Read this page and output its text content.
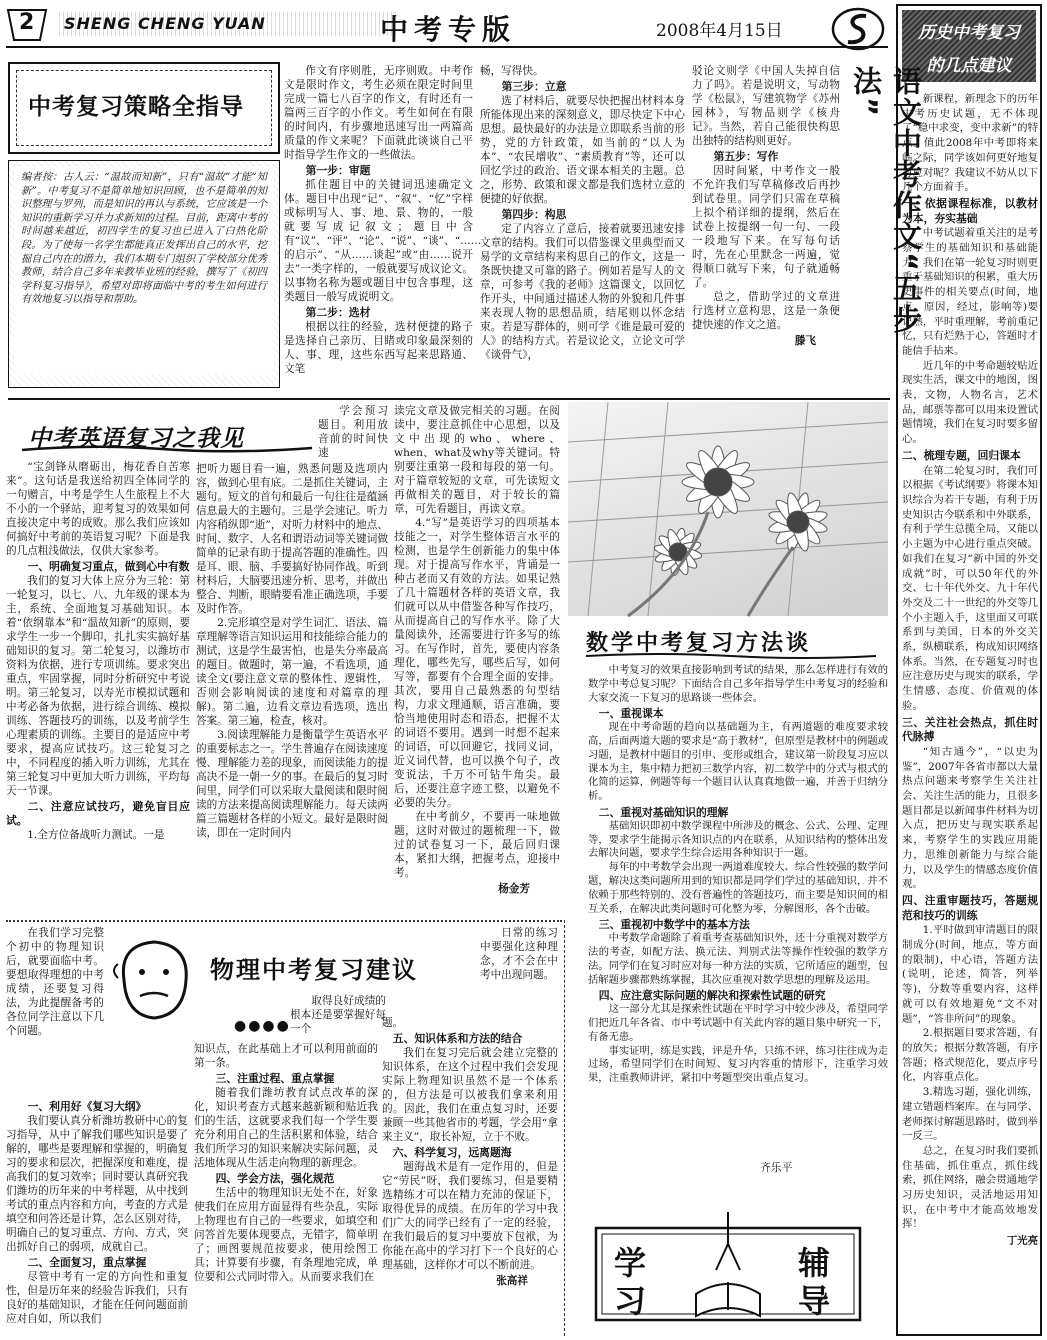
2 SHENG CHENG YUAN	中考专版	2008年4月15日	历史中考复习
的几点建议

新课程，新理念下的历年中考历史试题，无不体现了“稳中求变，变中求新”的特点。值此2008年中考即将来临之际，同学该如何更好地复习应对呢？我建议不妨从以下几个方面着手。

一、依据课程标准，以教材为本，夯实基础

中考试题着重关注的是考察学生的基础知识和基础能力，我们在第一轮复习时则更重于基础知识的积累，重大历史事件的相关要点(时间，地点，原因，经过，影响等)要记熟，平时重理解，考前重记忆，只有烂熟于心，答题时才能信手拈来。

近几年的中考命题较贴近现实生活，课文中的地图，图表，文物，人物名言，艺术品，邮票等都可以用来设置试题情境，我们在复习时要多留心。

二、梳理专题，回归课本

在第二轮复习时，我们可以根据《考试纲要》将课本知识综合为若干专题，有利于历史知识古今联系和中外联系，有利于学生总揽全局，又能以小主题为中心进行重点突破。如我们在复习“新中国的外交成就”时，可以50年代的外交、七十年代外交、九十年代外交及二十一世纪的外交等几个小主题入手，这里面又可联系到与美国，日本的外交关系，纵横联系，构成知识网络体系。当然，在专题复习时也应注意历史与现实的联系，学生情感、态度、价值观的体验。

三、关注社会热点，抓住时代脉搏

“知古通今”，“以史为鉴”，2007年各省市都以大量热点问题来考察学生关注社会、关注生活的能力，且很多题目都是以新闻事件材料为切入点，把历史与现实联系起来，考察学生的实践应用能力，思维创新能力与综合能力，以及学生的情感态度价值观。

四、注重审题技巧，答题规范和技巧的训练

1.平时做到审清题目的限制成分(时间，地点，等方面的限制)，中心语，答题方法(说明，论述，简答，列举等)，分数等重要内容，这样就可以有效地避免“文不对题”，“答非所问”的现象。

2.根据题目要求答题，有的放矢；根据分数答题，有序答题；格式规范化，要点序号化，内容重点化。

3.精选习题，强化训练，建立错题档案库。在与同学、老师探讨解题思路时，做到举一反三。

总之，在复习时我们要抓住基础，抓住重点，抓住线索，抓住网络，融会贯通地学习历史知识，灵活地运用知识，在中考中才能高效地发挥！

丁光亮
中考复习策略全指导
编者按：古人云：“温故而知新”，只有“温故”才能“知新”。中考复习不是简单地知识回顾，也不是简单的知识整理与罗列，而是知识的再认与系统，它应该是一个知识的重新学习并力求新知的过程。目前，距离中考的时间越来越近，初四学生的复习也已进入了白热化阶段。为了使每一名学生都能真正发挥出自己的水平，挖掘自己内在的潜力，我们本期专门组织了学校部分优秀教师，结合自己多年来教毕业班的经验，撰写了《初四学科复习指导》，希望对即将面临中考的考生如何进行有效地复习以指导和帮助。

作文有序则胜，无序则败。中考作文是限时作文，考生必须在限定时间里完成一篇七八百字的作文，有时还有一篇两三百字的小作文。考生如何在有限的时间内，有步骤地迅速写出一两篇高质量的作文来呢？下面就此谈谈自己平时指导学生作文的一些做法。

第一步：审题

抓住题目中的关键词迅速确定文体。题目中出现“记”、“叙”、“忆”字样或标明写人、事、地、景、物的，一般就要写成记叙文；题目中含有“议”、“评”、“论”、“说”、“谈”、“……的启示”、“从……谈起”或“由……说开去”一类字样的，一般就要写成议论文。以事物名称为题或题目中包含事理，这类题目一般写成说明文。

第二步：选材

根据以往的经验，选材便捷的路子是选择自己亲历、目睹或印象最深刻的人、事、理，这些东西写起来思路通、文笔

畅，写得快。

第三步：立意

选了材料后，就要尽快把握出材料本身所能体现出来的深刻意义，即尽快定下中心思想。最快最好的办法是立即联系当前的形势，党的方针政策，如当前的“以人为本”、“农民增收”、“素质教育”等，还可以回忆学过的政治、语文课本相关的主题。总之，形势、政策和课文都是我们选材立意的便捷的好依据。

第四步：构思

定了内容立了意后，接着就要迅速安排文章的结构。我们可以借鉴课文里典型而又易学的文章结构来构思自己的作文，这是一条既快捷又可靠的路子。例如若是写人的文章，可参考《我的老师》这篇课文，以回忆作开头，中间通过描述人物的外貌和几件事来表现人物的思想品质，结尾则以怀念结束。若是写群体的，则可学《谁是最可爱的人》的结构方式。若是议论文，立论文可学《谈骨气》，

驳论文则学《中国人失掉自信力了吗》。若是说明文，写动物学《松鼠》，写建筑物学《苏州园林》，写物品则学《核舟记》。当然，若自己能很快构思出独特的结构则更好。

第五步：写作

因时间紧，中考作文一般不允许我们写草稿修改后再抄到试卷里。同学们只需在草稿上拟个稍详细的提纲，然后在试卷上按提纲一句一句、一段一段地写下来。在写每句话时，先在心里默念一两遍，觉得顺口就写下来，句子就通畅了。

总之，借助学过的文章进行选材立意构思，这是一条便捷快速的作文之道。

滕飞
语文中考作文“五步法”
中考英语复习之我见

“宝剑锋从磨砺出，梅花香自苦寒来”。这句话是我送给初四全体同学的一句赠言，中考是学生人生旅程上不大不小的一个驿站，迎考复习的效果如何直接决定中考的成败。那么我们应该如何搞好中考前的英语复习呢？下面是我的几点粗浅做法，仅供大家参考。

一、明确复习重点，做到心中有数

我们的复习大体上应分为三轮：第一轮复习，以七、八、九年级的课本为主，系统、全面地复习基础知识。本着“依纲靠本”和“温故知新”的原则，要求学生一步一个脚印，扎扎实实搞好基础知识的复习。第二轮复习，以潍坊市资料为依据，进行专项训练。要求突出重点，牢固掌握，同时分析研究中考说明。第三轮复习，以寿光市模拟试题和中考必备为依据，进行综合训练、模拟训练、答题技巧的训练，以及考前学生心理素质的训练。主要目的是适应中考要求，提高应试技巧。这三轮复习之中，不同程度的插入听力训练，尤其在第三轮复习中更加大听力训练，平均每天一节课。

二、注意应试技巧，避免盲目应试。

1.全方位备战听力测试。一是

学会预习题目。利用放音前的时间快速

把听力题目看一遍，熟悉问题及选项内容，做到心里有底。二是抓住关键词，主题句。短文的首句和最后一句往往是蕴涵信息最大的主题句。三是学会速记。听力内容稍纵即“逝”，对听力材料中的地点、时间、数字、人名和谓语动词等关键词做简单的记录有助于提高答题的准确性。四是耳、眼、脑、手要搞好协同作战。听到材料后，大脑要迅速分析、思考，并做出整合、判断，眼睛要看准正确选项，手要及时作答。

2.完形填空是对学生词汇、语法、篇章理解等语言知识运用和技能综合能力的测试，这是学生最害怕，也是失分率最高的题目。做题时，第一遍，不看选项，通读全文(要注意文章的整体性、逻辑性，否则会影响阅读的速度和对篇章的理解)。第二遍，边看文章边看选项，选出答案。第三遍，检查，核对。

3.阅读理解能力是衡量学生英语水平的重要标志之一。学生普遍存在阅读速度慢、理解能力差的现象，而阅读能力的提高决不是一朝一夕的事。在最后的复习时间里，同学们可以采取大量阅读和限时阅读的方法来提高阅读理解能力。每天读两篇三篇题材各样的小短文。最好是限时阅读，即在一定时间内

读完文章及做完相关的习题。在阅读中，要注意抓住中心思想，以及文中出现的who、where、when、what及why等关键词。特别要注重第一段和每段的第一句。对于篇章较短的文章，可先读短文再做相关的题目，对于较长的篇章，可先看题目，再读文章。

4.“写”是英语学习的四项基本技能之一，对学生整体语言水平的检测，也是学生创新能力的集中体现。对于提高写作水平，背诵是一种古老而又有效的方法。如果记熟了几十篇题材各样的英语文章，我们就可以从中借鉴各种写作技巧，从而提高自己的写作水平。除了大量阅读外，还需要进行许多写的练习。在写作时，首先，要使内容条理化，哪些先写，哪些后写，如何写等，都要有个合理全面的安排。其次，要用自己最熟悉的句型结构，力求文理通顺，语言准确，要恰当地使用时态和语态，把握不太的词语不要用。遇到一时想不起来的词语，可以回避它，找同义词，近义词代替，也可以换个句子，改变说法，千万不可钻牛角尖。最后，还要注意字迹工整，以避免不必要的失分。

在中考前夕，不要再一味地做题，这时对做过的题梳理一下，做过的试卷复习一下，最后回归课本，紧扣大纲，把握考点，迎接中考。

杨金芳
数学中考复习方法谈

中考复习的效果直接影响到考试的结果，那么怎样进行有效的数学中考总复习呢？下面结合自己多年指导学生中考复习的经验和大家交流一下复习的思路谈一些体会。

一、重视课本

现在中考命题的趋向以基础题为主，有两道题的难度要求较高，后面两道大题的要求是“高于教材”，但原型是教材中的例题或习题，是教材中题目的引申、变形或组合，建议第一阶段复习应以课本为主，集中精力把初三数学内容，初二数学中的分式与根式的化简的运算，例题等每一个题目认认真真地做一遍，并善于归纳分析。

二、重视对基础知识的理解

基础知识即初中数学课程中所涉及的概念、公式、公理、定理等，要求学生能揭示各知识点的内在联系，从知识结构的整体出发去解决问题，要求学生综合运用各种知识于一题。

每年的中考数学会出现一两道难度较大、综合性较强的数学问题，解决这类问题所用到的知识都是同学们学过的基础知识，并不依赖于那些特别的、没有普遍性的答题技巧，而主要是知识间的相互关系，在解决此类问题时可化整为零，分解图形，各个击破。

三、重视初中数学中的基本方法

中考数学命题除了着重考查基础知识外，还十分重视对数学方法的考查，如配方法、换元法、判别式法等操作性较强的数学方法。同学们在复习时应对每一种方法的实质，它所适应的题型，包括解题步骤都熟练掌握，其次应重视对数学思想的理解及运用。

四、应注意实际问题的解决和探索性试题的研究

这一部分尤其是探索性试题在平时学习中较少涉及，希望同学们把近几年各省、市中考试题中有关此内容的题目集中研究一下，有备无患。

事实证明，练是实践，评是升华，只练不评，练习往往成为走过场，希望同学们在时间短、复习内容重的情形下，注重学习效果，注重教师讲评，紧扣中考题型突出重点复习。

齐乐平

在我们学习完整个初中的物理知识后，就要面临中考。要想取得理想的中考成绩，还要复习得法，为此提醒备考的各位同学注意以下几个问题。

物理中考复习建议

日常的练习中要强化这种理念，才不会在中考中出现问题。

●●●●

取得良好成绩的根本还是要掌握好每一个

一、利用好《复习大纲》

我们要认真分析潍坊教研中心的复习指导，从中了解我们哪些知识是要了解的，哪些是要理解和掌握的，明确复习的要求和层次，把握深度和难度，提高我们的复习效率；同时要认真研究我们潍坊的历年来的中考样题，从中找到考试的重点内容和方向，考查的方式是填空和问答还是计算，怎么区别对待，明确自己的复习重点、方向、方式，突出抓好自己的弱项，成就自己。

二、全面复习，重点掌握

尽管中考有一定的方向性和重复性，但是历年来的经验告诉我们，只有良好的基础知识，才能在任何问题面前应对自如，所以我们

知识点，在此基础上才可以利用前面的第一条。

三、注重过程、重点掌握

随着我们潍坊教育试点改革的深化，知识考查方式越来越新颖和贴近我们的生活，这就要求我们每一个学生要充分利用自己的生活积累和体验，结合我们所学习的知识来解决实际问题，灵活地体现从生活走向物理的新理念。

四、学会方法，强化规范

生活中的物理知识无处不在，好象使我们在应用方面显得有些杂乱，实际上物理也有自己的一些要求，如填空和问答首先要体现要点，无错字，简单明了；画图要规范按要求，使用绘图工具；计算要有步骤，有条理地完成，单位要和公式同时带入。从而要求我们在

题。

五、知识体系和方法的结合

我们在复习完后就会建立完整的知识体系，在这个过程中我们会发现实际上物理知识虽然不是一个体系的，但方法是可以被我们拿来利用的。因此，我们在重点复习时，还要兼顾一些其他省市的考题，学会用“拿来主义”，取长补短，立于不败。

六、科学复习，远离题海

题海战术是有一定作用的，但是它“劳民”呀，我们要练习，但是要精选精练才可以在精力充沛的保证下，取得优异的成绩。在历年的学习中我们广大的同学已经有了一定的经验，在我们最后的复习中要放下包袱，为你能在高中的学习打下一个良好的心理基础，这样你才可以不断前进。

张高祥	学
习
辅
导
